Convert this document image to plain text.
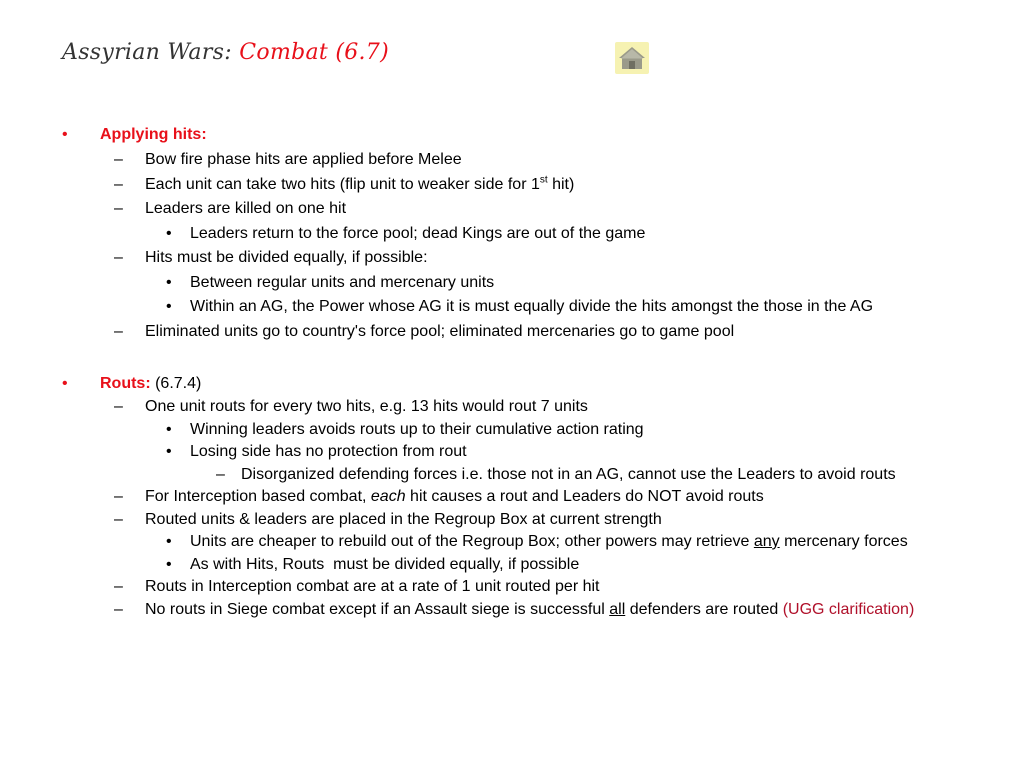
Assyrian Wars: Combat (6.7)
• Applying hits:
– Bow fire phase hits are applied before Melee
– Each unit can take two hits (flip unit to weaker side for 1st hit)
– Leaders are killed on one hit
• Leaders return to the force pool; dead Kings are out of the game
– Hits must be divided equally, if possible:
• Between regular units and mercenary units
• Within an AG, the Power whose AG it is must equally divide the hits amongst the those in the AG
– Eliminated units go to country's force pool; eliminated mercenaries go to game pool
• Routs: (6.7.4)
– One unit routs for every two hits, e.g. 13 hits would rout 7 units
• Winning leaders avoids routs up to their cumulative action rating
• Losing side has no protection from rout
– Disorganized defending forces i.e. those not in an AG, cannot use the Leaders to avoid routs
– For Interception based combat, each hit causes a rout and Leaders do NOT avoid routs
– Routed units & leaders are placed in the Regroup Box at current strength
• Units are cheaper to rebuild out of the Regroup Box; other powers may retrieve any mercenary forces
• As with Hits, Routs  must be divided equally, if possible
– Routs in Interception combat are at a rate of 1 unit routed per hit
– No routs in Siege combat except if an Assault siege is successful all defenders are routed (UGG clarification)
